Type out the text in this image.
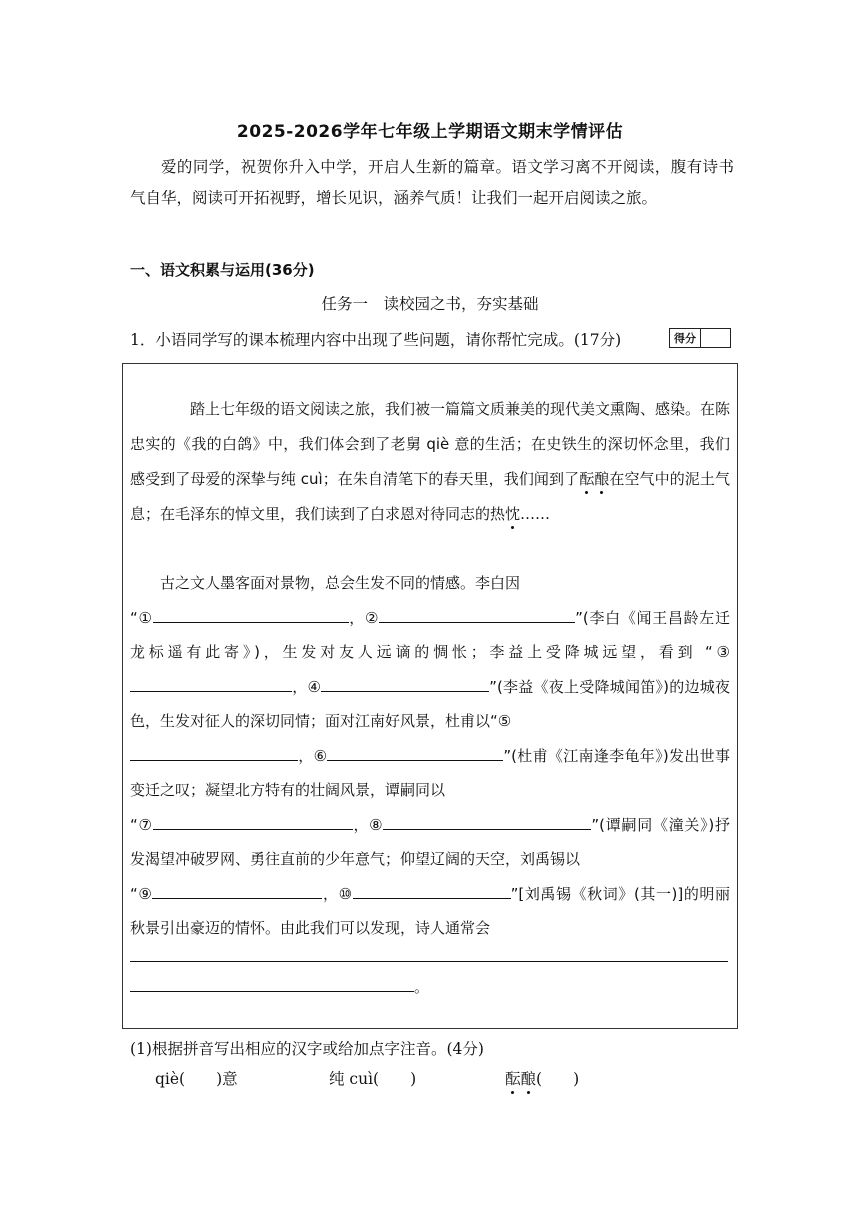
2025-2026学年七年级上学期语文期末学情评估
爱的同学，祝贺你升入中学，开启人生新的篇章。语文学习离不开阅读，腹有诗书气自华，阅读可开拓视野，增长见识，涵养气质！让我们一起开启阅读之旅。
一、语文积累与运用(36分)
任务一　读校园之书，夯实基础
1．小语同学写的课本梳理内容中出现了些问题，请你帮忙完成。(17分)	得分
踏上七年级的语文阅读之旅，我们被一篇篇文质兼美的现代美文熏陶、感染。在陈忠实的《我的白鸽》中，我们体会到了老舅 qiè 意的生活；在史铁生的深切怀念里，我们感受到了母爱的深挚与纯 cuì；在朱自清笔下的春天里，我们闻到了酝酿在空气中的泥土气息；在毛泽东的悼文里，我们读到了白求恩对待同志的热忱……
古之文人墨客面对景物，总会生发不同的情感。李白因
“①	，②	”(李白《闻王昌龄左迁龙标遥有此寄》)，生发对友人远谪的惆怅；李益上受降城远望，看到 “③，④	”(李益《夜上受降城闻笛》)的边城夜色，生发对征人的深切同情；面对江南好风景，杜甫以“⑤
，⑥	”(杜甫《江南逢李龟年》)发出世事变迁之叹；凝望北方特有的壮阔风景，谭嗣同以
“⑦	，⑧	”(谭嗣同《潼关》)抒发渴望冲破罗网、勇往直前的少年意气；仰望辽阔的天空，刘禹锡以
“⑨	，⑩	”[刘禹锡《秋词》(其一)]的明丽秋景引出豪迈的情怀。由此我们可以发现，诗人通常会
。
(1)根据拼音写出相应的汉字或给加点字注音。(4分)
qiè(　　)意	纯 cuì(　　)	酝酿(　　)
